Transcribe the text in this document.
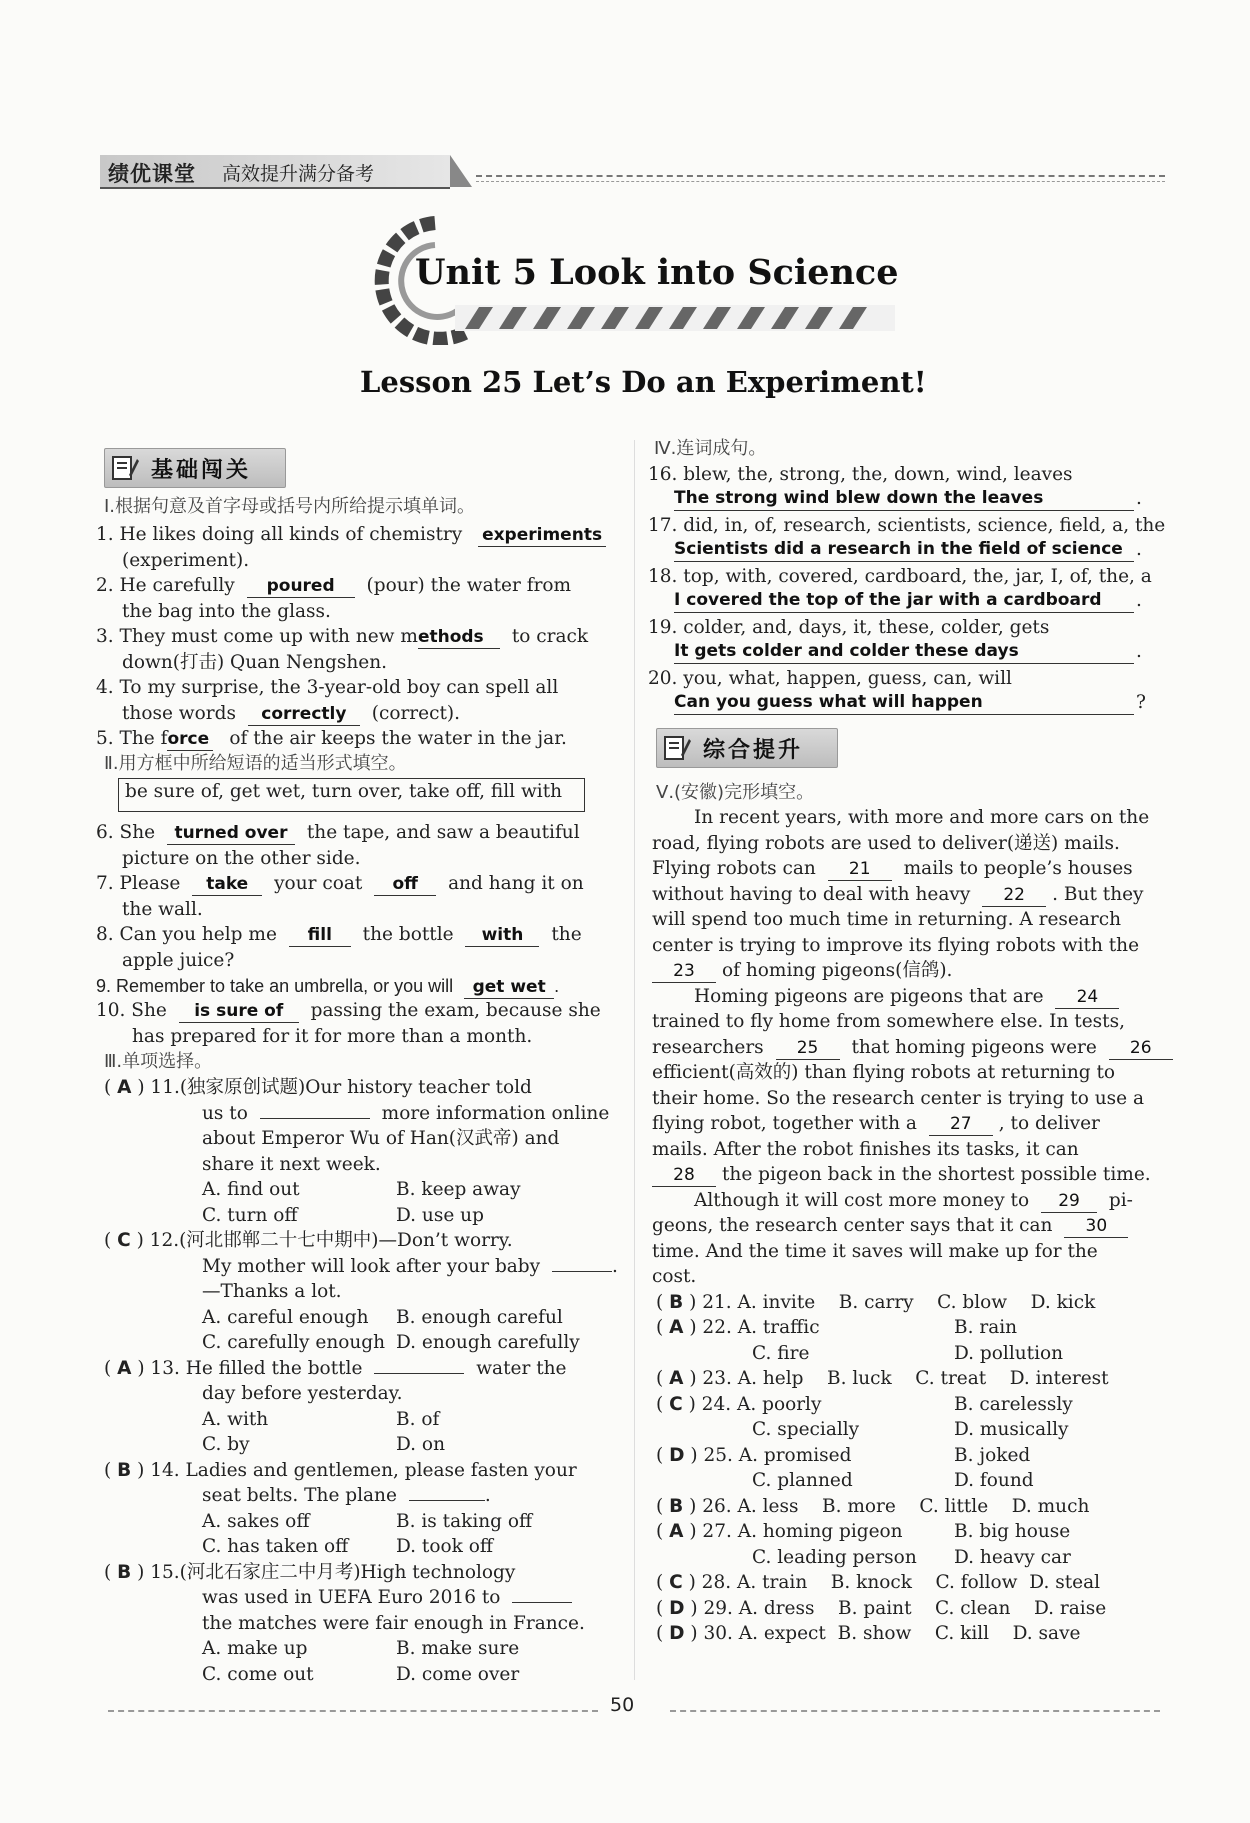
绩优课堂 高效提升满分备考
Unit 5 Look into Science
Lesson 25 Let’s Do an Experiment!
基础闯关
Ⅰ.根据句意及首字母或括号内所给提示填单词。
1. He likes doing all kinds of chemistry experiments
(experiment).
2. He carefully poured (pour) the water from
the bag into the glass.
3. They must come up with new methods to crack
down(打击) Quan Nengshen.
4. To my surprise, the 3-year-old boy can spell all
those words correctly (correct).
5. The force of the air keeps the water in the jar.
Ⅱ.用方框中所给短语的适当形式填空。
be sure of, get wet, turn over, take off, fill with
6. She turned over the tape, and saw a beautiful
picture on the other side.
7. Please take your coat off and hang it on
the wall.
8. Can you help me fill the bottle with the
apple juice?
9. Remember to take an umbrella, or you will get wet .
10. She is sure of passing the exam, because she
has prepared for it for more than a month.
Ⅲ.单项选择。
( A ) 11.(独家原创试题)Our history teacher told
us to	more information online
about Emperor Wu of Han(汉武帝) and
share it next week.
A. find out	B. keep away
C. turn off	D. use up
( C ) 12.(河北邯郸二十七中期中)—Don’t worry.
My mother will look after your baby	.
—Thanks a lot.
A. careful enough B. enough careful
C. carefully enough D. enough carefully
( A ) 13. He filled the bottle	water the
day before yesterday.
A. with	B. of
C. by	D. on
( B ) 14. Ladies and gentlemen, please fasten your
seat belts. The plane	.
A. sakes off	B. is taking off
C. has taken off	D. took off
( B ) 15.(河北石家庄二中月考)High technology
was used in UEFA Euro 2016 to
the matches were fair enough in France.
A. make up	B. make sure
C. come out	D. come over
Ⅳ.连词成句。
16. blew, the, strong, the, down, wind, leaves
The strong wind blew down the leaves	.
17. did, in, of, research, scientists, science, field, a, the
Scientists did a research in the field of science .
18. top, with, covered, cardboard, the, jar, I, of, the, a
I covered the top of the jar with a cardboard	.
19. colder, and, days, it, these, colder, gets
It gets colder and colder these days	.
20. you, what, happen, guess, can, will
Can you guess what will happen	?
综合提升
Ⅴ.(安徽)完形填空。
In recent years, with more and more cars on the
road, flying robots are used to deliver(递送) mails.
Flying robots can 21 mails to people’s houses
without having to deal with heavy 22 . But they
will spend too much time in returning. A research
center is trying to improve its flying robots with the
23 of homing pigeons(信鸽).
Homing pigeons are pigeons that are 24
trained to fly home from somewhere else. In tests,
researchers 25 that homing pigeons were 26
efficient(高效的) than flying robots at returning to
their home. So the research center is trying to use a
flying robot, together with a 27 , to deliver
mails. After the robot finishes its tasks, it can
28 the pigeon back in the shortest possible time.
Although it will cost more money to 29 pi-
geons, the research center says that it can 30
time. And the time it saves will make up for the
cost.
( B ) 21. A. invite    B. carry    C. blow    D. kick
( A ) 22. A. traffic	B. rain
C. fire	D. pollution
( A ) 23. A. help    B. luck    C. treat    D. interest
( C ) 24. A. poorly	B. carelessly
C. specially	D. musically
( D ) 25. A. promised	B. joked
C. planned	D. found
( B ) 26. A. less    B. more    C. little    D. much
( A ) 27. A. homing pigeon	B. big house
C. leading person D. heavy car
( C ) 28. A. train    B. knock    C. follow  D. steal
( D ) 29. A. dress    B. paint    C. clean    D. raise
( D ) 30. A. expect  B. show    C. kill    D. save
50
